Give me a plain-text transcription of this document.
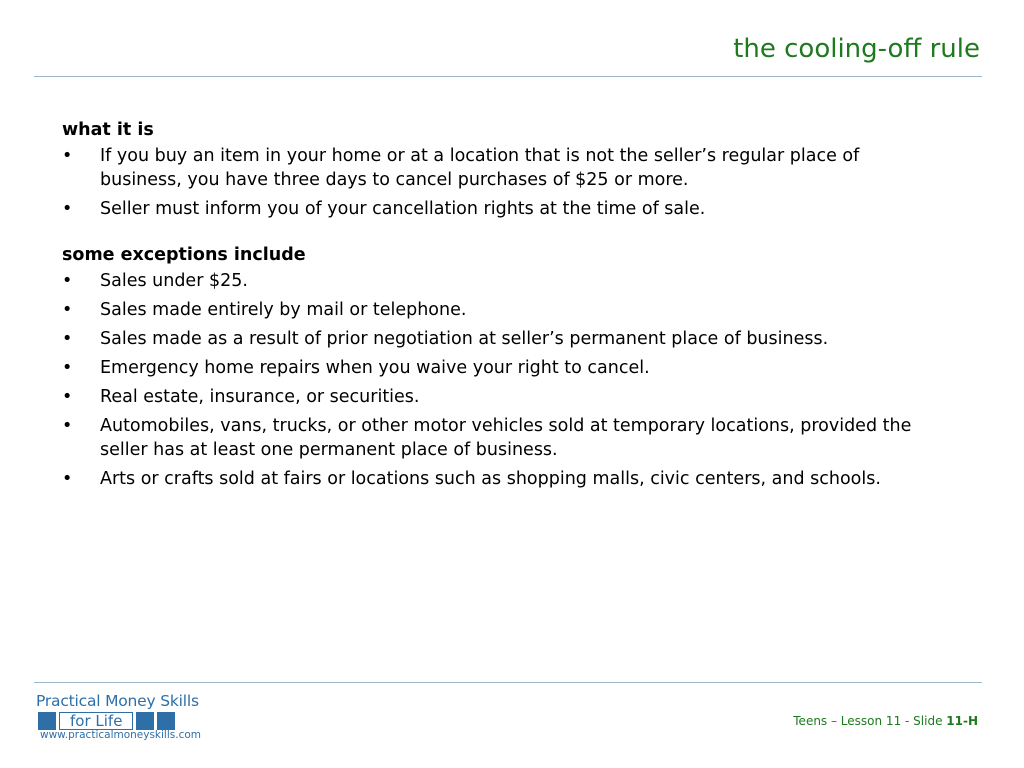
the cooling-off rule
what it is
• If you buy an item in your home or at a location that is not the seller’s regular place of business, you have three days to cancel purchases of $25 or more.
• Seller must inform you of your cancellation rights at the time of sale.
some exceptions include
• Sales under $25.
• Sales made entirely by mail or telephone.
• Sales made as a result of prior negotiation at seller’s permanent place of business.
• Emergency home repairs when you waive your right to cancel.
• Real estate, insurance, or securities.
• Automobiles, vans, trucks, or other motor vehicles sold at temporary locations, provided the seller has at least one permanent place of business.
• Arts or crafts sold at fairs or locations such as shopping malls, civic centers, and schools.
Practical Money Skills
for Life
www.practicalmoneyskills.com
Teens – Lesson 11 - Slide 11-H
